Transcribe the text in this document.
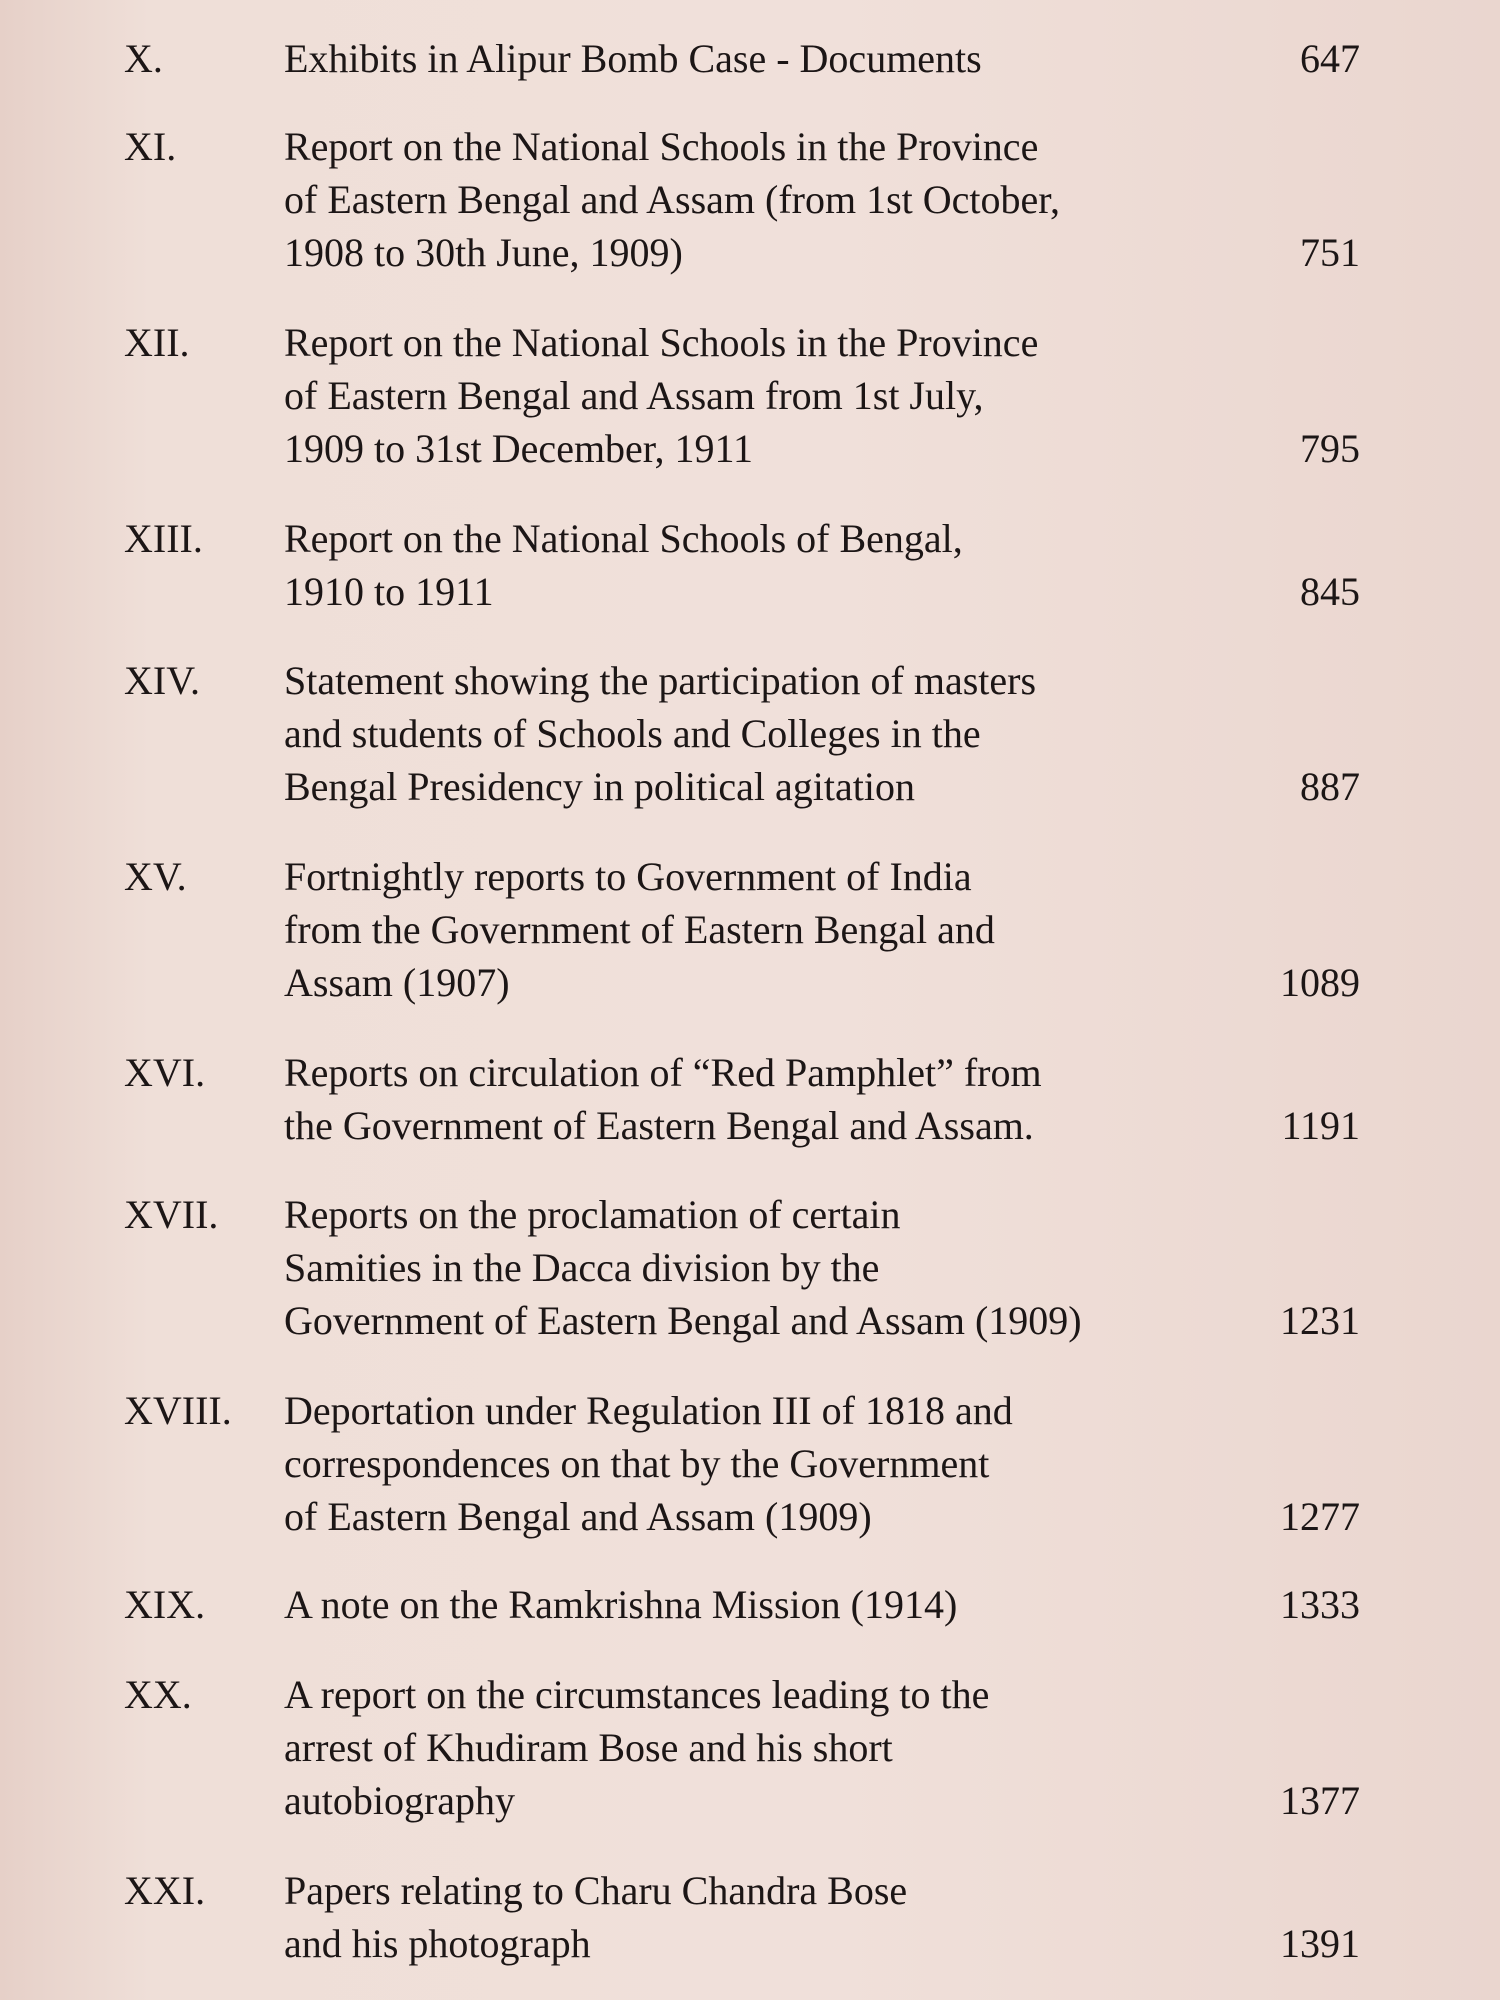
X.	Exhibits in Alipur Bomb Case - Documents	647
XI.	Report on the National Schools in the Province
of Eastern Bengal and Assam (from 1st October,
1908 to 30th June, 1909)	751
XII. Report on the National Schools in the Province
of Eastern Bengal and Assam from 1st July,
1909 to 31st December, 1911	795
XIII. Report on the National Schools of Bengal,
1910 to 1911	845
XIV. Statement showing the participation of masters
and students of Schools and Colleges in the
Bengal Presidency in political agitation	887
XV. Fortnightly reports to Government of India
from the Government of Eastern Bengal and
Assam (1907)	1089
XVI. Reports on circulation of “Red Pamphlet” from
the Government of Eastern Bengal and Assam.	1191
XVII. Reports on the proclamation of certain
Samities in the Dacca division by the
Government of Eastern Bengal and Assam (1909)	1231
XVIII. Deportation under Regulation III of 1818 and
correspondences on that by the Government
of Eastern Bengal and Assam (1909)	1277
XIX. A note on the Ramkrishna Mission (1914)	1333
XX. A report on the circumstances leading to the
arrest of Khudiram Bose and his short
autobiography	1377
XXI. Papers relating to Charu Chandra Bose
and his photograph	1391
